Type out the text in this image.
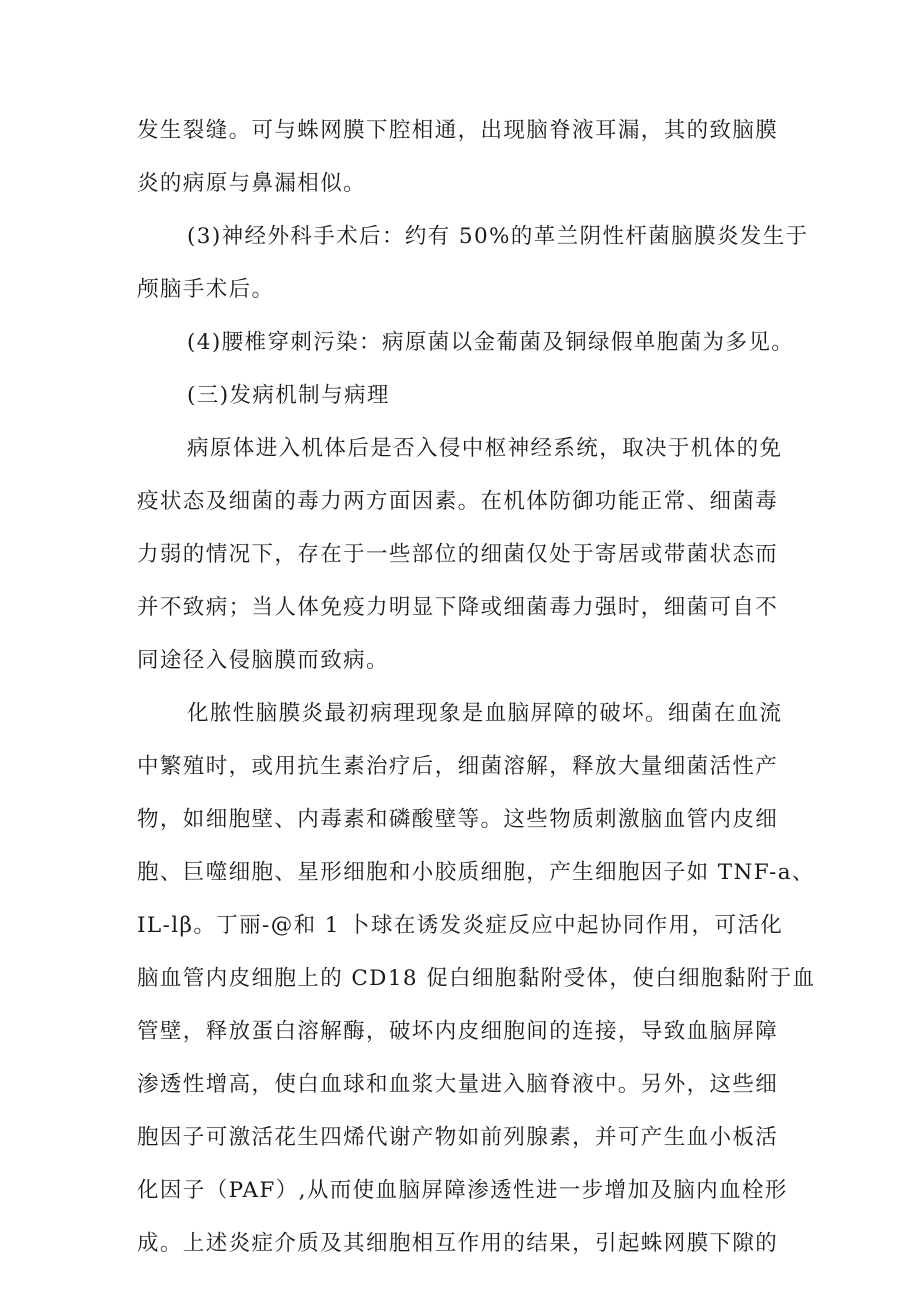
发生裂缝。可与蛛网膜下腔相通，出现脑脊液耳漏，其的致脑膜
炎的病原与鼻漏相似。
(3)神经外科手术后：约有 50%的革兰阴性杆菌脑膜炎发生于
颅脑手术后。
(4)腰椎穿刺污染：病原菌以金葡菌及铜绿假单胞菌为多见。
(三)发病机制与病理
病原体进入机体后是否入侵中枢神经系统，取决于机体的免
疫状态及细菌的毒力两方面因素。在机体防御功能正常、细菌毒
力弱的情况下，存在于一些部位的细菌仅处于寄居或带菌状态而
并不致病；当人体免疫力明显下降或细菌毒力强时，细菌可自不
同途径入侵脑膜而致病。
化脓性脑膜炎最初病理现象是血脑屏障的破坏。细菌在血流
中繁殖时，或用抗生素治疗后，细菌溶解，释放大量细菌活性产
物，如细胞壁、内毒素和磷酸壁等。这些物质刺激脑血管内皮细
胞、巨噬细胞、星形细胞和小胶质细胞，产生细胞因子如 TNF-a、
IL-lβ。丁丽-@和 1 卜球在诱发炎症反应中起协同作用，可活化
脑血管内皮细胞上的 CD18 促白细胞黏附受体，使白细胞黏附于血
管壁，释放蛋白溶解酶，破坏内皮细胞间的连接，导致血脑屏障
渗透性增高，使白血球和血浆大量进入脑脊液中。另外，这些细
胞因子可激活花生四烯代谢产物如前列腺素，并可产生血小板活
化因子（PAF）,从而使血脑屏障渗透性进一步增加及脑内血栓形
成。上述炎症介质及其细胞相互作用的结果，引起蛛网膜下隙的
